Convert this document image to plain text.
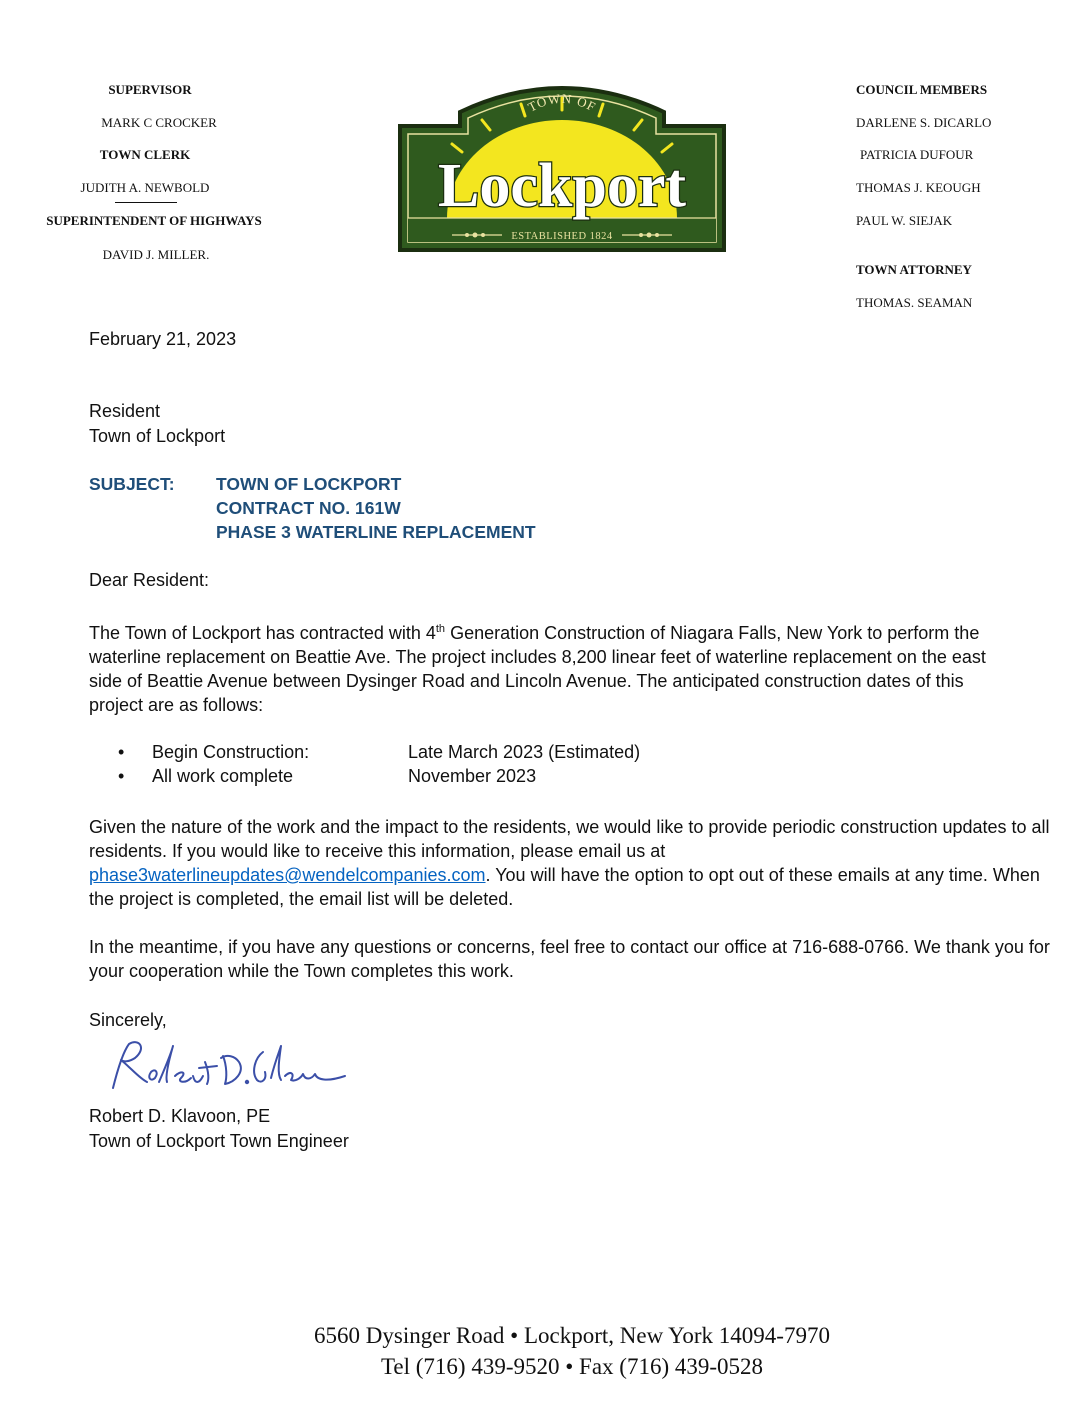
SUPERVISOR
MARK C CROCKER
TOWN CLERK
JUDITH A. NEWBOLD
SUPERINTENDENT OF HIGHWAYS
DAVID J. MILLER.
TOWN OF
Lockport
ESTABLISHED 1824
COUNCIL MEMBERS
DARLENE S. DICARLO
PATRICIA DUFOUR
THOMAS J. KEOUGH
PAUL W. SIEJAK
TOWN ATTORNEY
THOMAS. SEAMAN
February 21, 2023
Resident
Town of Lockport
SUBJECT: TOWN OF LOCKPORT
CONTRACT NO. 161W
PHASE 3 WATERLINE REPLACEMENT
Dear Resident:
The Town of Lockport has contracted with 4th Generation Construction of Niagara Falls, New York to perform the waterline replacement on Beattie Ave. The project includes 8,200 linear feet of waterline replacement on the east side of Beattie Avenue between Dysinger Road and Lincoln Avenue. The anticipated construction dates of this project are as follows:
•	Begin Construction:	Late March 2023 (Estimated)
•	All work complete	November 2023
Given the nature of the work and the impact to the residents, we would like to provide periodic construction updates to all residents. If you would like to receive this information, please email us at phase3waterlineupdates@wendelcompanies.com. You will have the option to opt out of these emails at any time. When the project is completed, the email list will be deleted.
In the meantime, if you have any questions or concerns, feel free to contact our office at 716-688-0766. We thank you for your cooperation while the Town completes this work.
Sincerely,
Robert D. Klavoon, PE
Town of Lockport Town Engineer
6560 Dysinger Road • Lockport, New York 14094-7970
Tel (716) 439-9520 • Fax (716) 439-0528
